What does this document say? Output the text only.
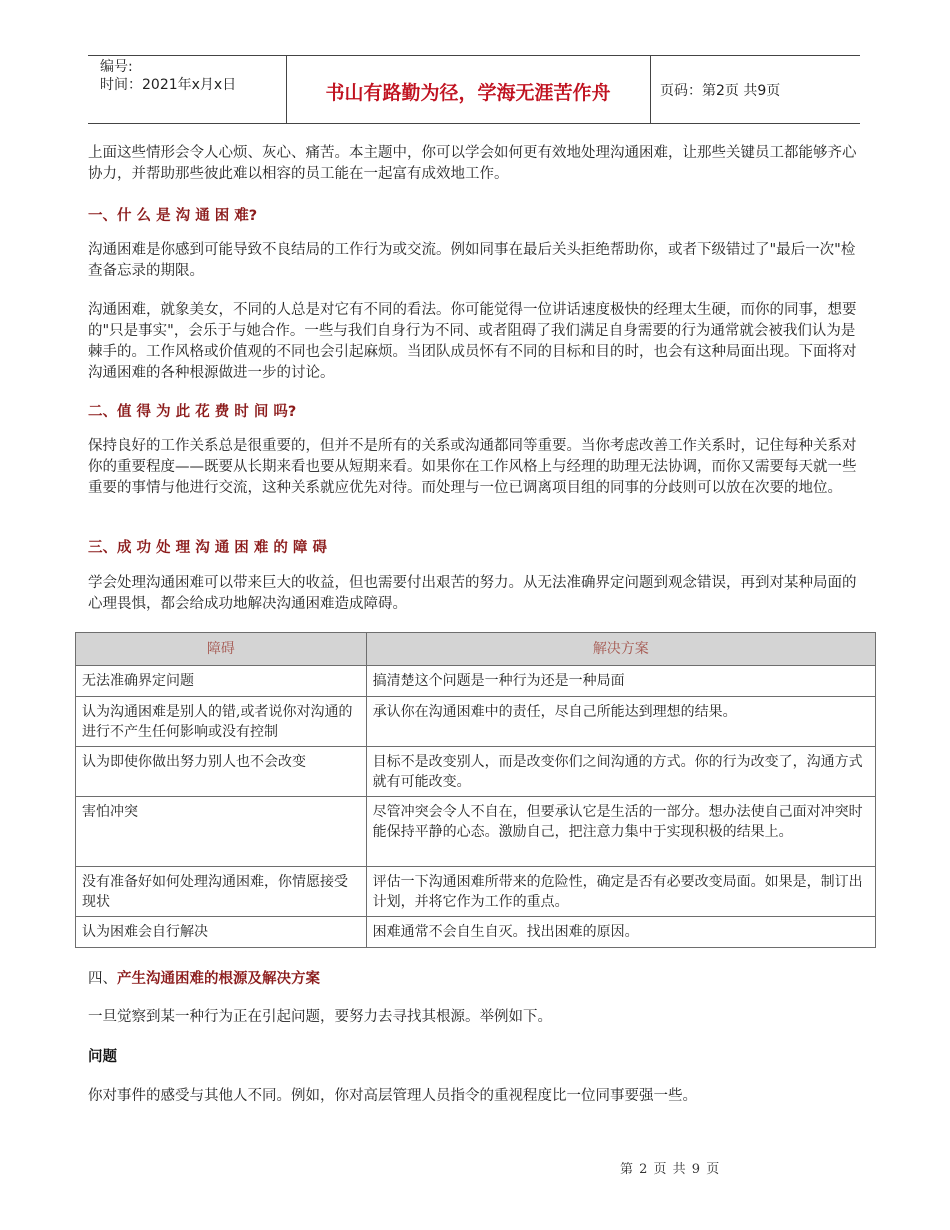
编号:
时间：2021年x月x日	书山有路勤为径，学海无涯苦作舟	页码：第2页 共9页
上面这些情形会令人心烦、灰心、痛苦。本主题中，你可以学会如何更有效地处理沟通困难，让那些关键员工都能够齐心协力，并帮助那些彼此难以相容的员工能在一起富有成效地工作。
一、什 么 是 沟 通 困 难?
沟通困难是你感到可能导致不良结局的工作行为或交流。例如同事在最后关头拒绝帮助你，或者下级错过了"最后一次"检查备忘录的期限。
沟通困难，就象美女，不同的人总是对它有不同的看法。你可能觉得一位讲话速度极快的经理太生硬，而你的同事，想要的"只是事实"，会乐于与她合作。一些与我们自身行为不同、或者阻碍了我们满足自身需要的行为通常就会被我们认为是棘手的。工作风格或价值观的不同也会引起麻烦。当团队成员怀有不同的目标和目的时，也会有这种局面出现。下面将对沟通困难的各种根源做进一步的讨论。
二、值 得 为 此 花 费 时 间 吗?
保持良好的工作关系总是很重要的，但并不是所有的关系或沟通都同等重要。当你考虑改善工作关系时，记住每种关系对你的重要程度——既要从长期来看也要从短期来看。如果你在工作风格上与经理的助理无法协调，而你又需要每天就一些重要的事情与他进行交流，这种关系就应优先对待。而处理与一位已调离项目组的同事的分歧则可以放在次要的地位。
三、成 功 处 理 沟 通 困 难 的 障 碍
学会处理沟通困难可以带来巨大的收益，但也需要付出艰苦的努力。从无法准确界定问题到观念错误，再到对某种局面的心理畏惧，都会给成功地解决沟通困难造成障碍。
障碍	解决方案
无法准确界定问题	搞清楚这个问题是一种行为还是一种局面
认为沟通困难是别人的错,或者说你对沟通的进行不产生任何影响或没有控制	承认你在沟通困难中的责任，尽自己所能达到理想的结果。
认为即使你做出努力别人也不会改变	目标不是改变别人，而是改变你们之间沟通的方式。你的行为改变了，沟通方式就有可能改变。
害怕冲突	尽管冲突会令人不自在，但要承认它是生活的一部分。想办法使自己面对冲突时能保持平静的心态。激励自己，把注意力集中于实现积极的结果上。
没有准备好如何处理沟通困难，你情愿接受现状	评估一下沟通困难所带来的危险性，确定是否有必要改变局面。如果是，制订出计划，并将它作为工作的重点。
认为困难会自行解决	困难通常不会自生自灭。找出困难的原因。
四、产生沟通困难的根源及解决方案
一旦觉察到某一种行为正在引起问题，要努力去寻找其根源。举例如下。
问题
你对事件的感受与其他人不同。例如，你对高层管理人员指令的重视程度比一位同事要强一些。
第 2 页 共 9 页
